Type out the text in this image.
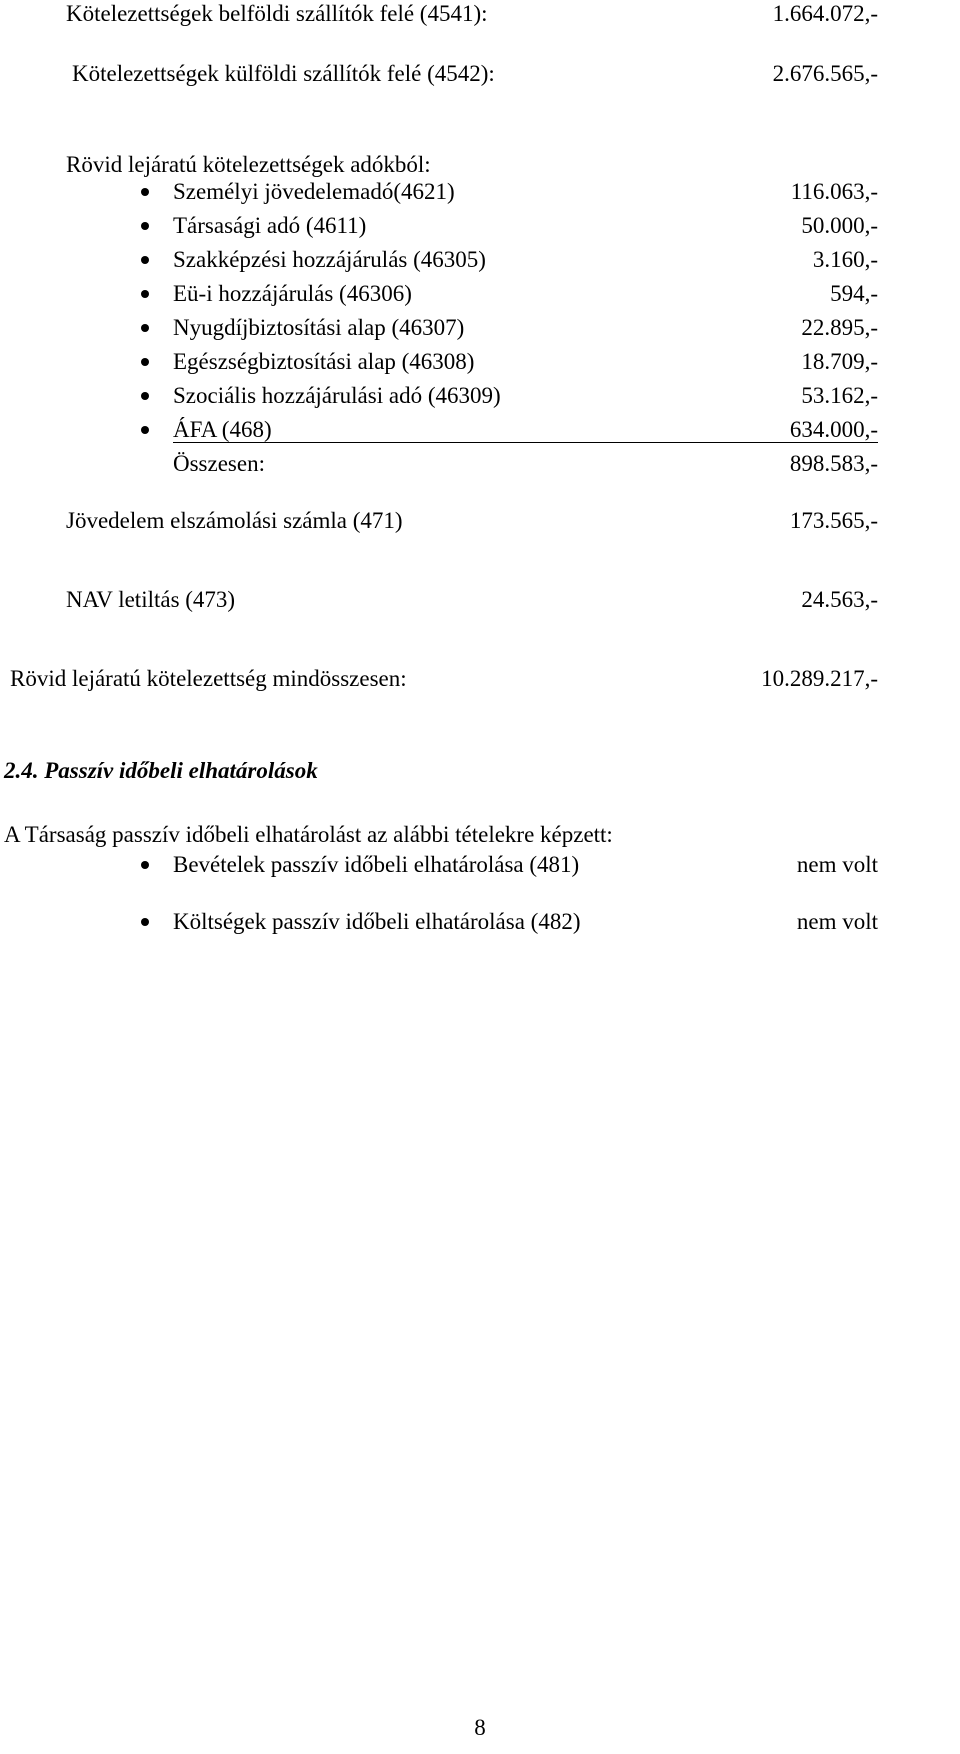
Kötelezettségek belföldi szállítók felé (4541):	1.664.072,-
Kötelezettségek külföldi szállítók felé (4542):	2.676.565,-
Rövid lejáratú kötelezettségek adókból:
Személyi jövedelemadó(4621)	116.063,-
Társasági adó (4611)	50.000,-
Szakképzési hozzájárulás (46305)	3.160,-
Eü-i hozzájárulás (46306)	594,-
Nyugdíjbiztosítási alap (46307)	22.895,-
Egészségbiztosítási alap (46308)	18.709,-
Szociális hozzájárulási adó (46309)	53.162,-
ÁFA (468)	634.000,-
Összesen:	898.583,-
Jövedelem elszámolási számla (471)	173.565,-
NAV letiltás (473)	24.563,-
Rövid lejáratú kötelezettség mindösszesen:	10.289.217,-
2.4. Passzív időbeli elhatárolások
A Társaság passzív időbeli elhatárolást az alábbi tételekre képzett:
Bevételek passzív időbeli elhatárolása (481)	nem volt
Költségek passzív időbeli elhatárolása (482)	nem volt
8
